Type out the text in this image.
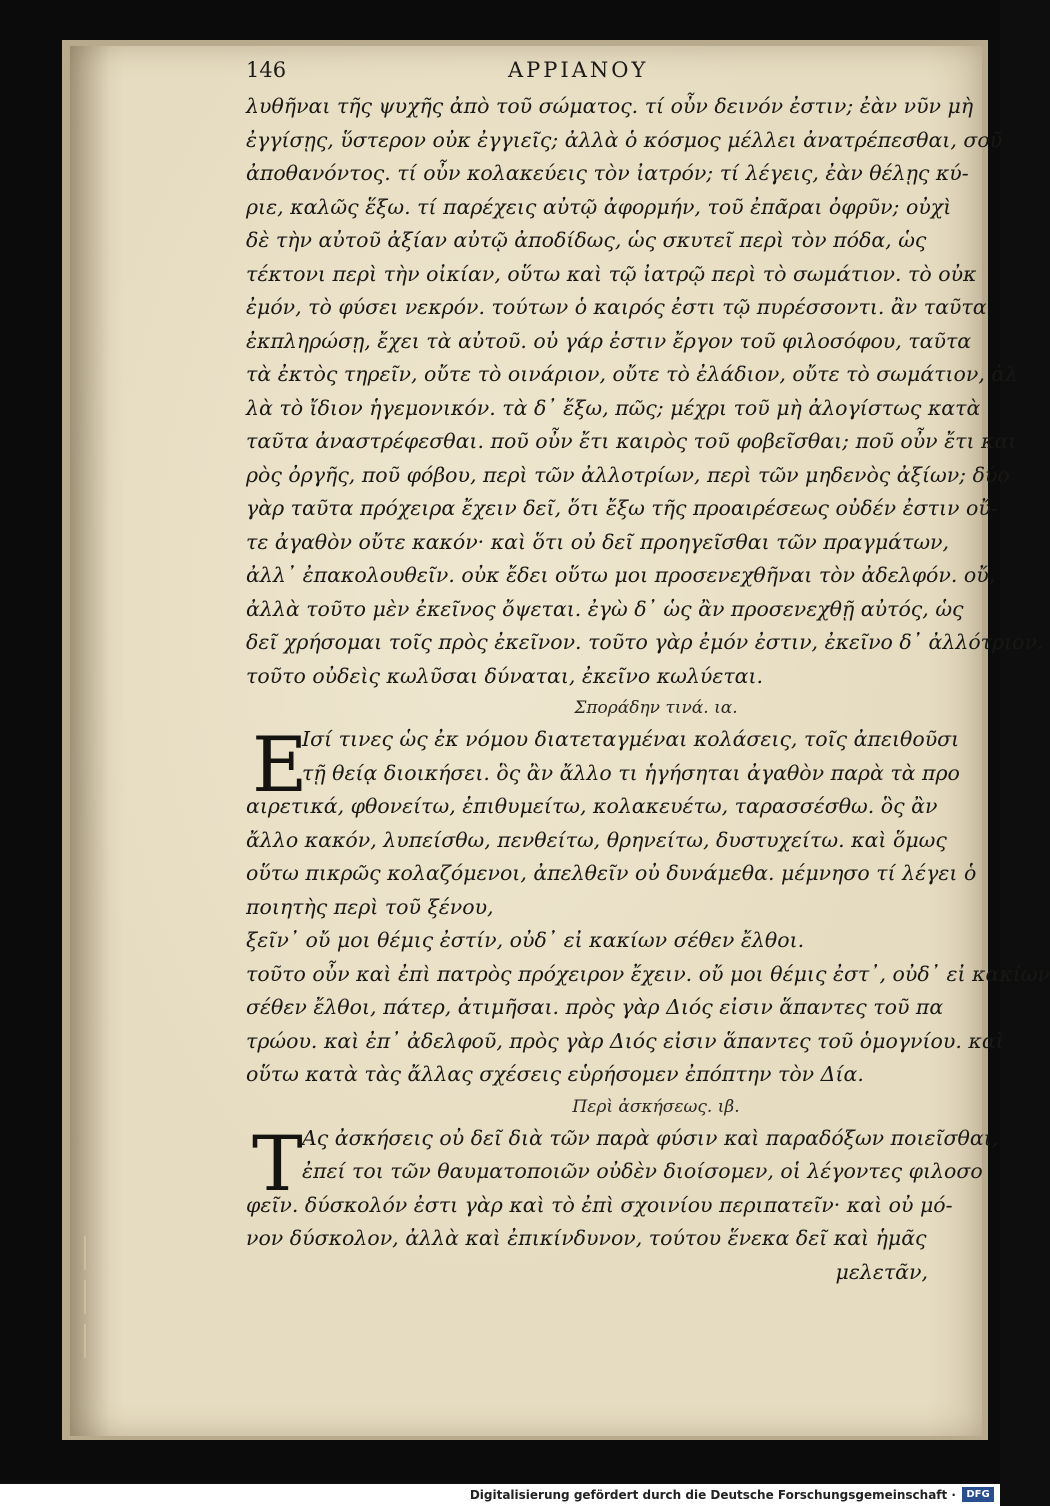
146	ΑΡΡΙΑΝΟΥ
λυθῆναι τῆς ψυχῆς ἀπὸ τοῦ σώματος. τί οὖν δεινόν ἐστιν; ἐὰν νῦν μὴ
ἐγγίσῃς, ὕστερον οὐκ ἐγγιεῖς; ἀλλὰ ὁ κόσμος μέλλει ἀνατρέπεσθαι, σοῦ
ἀποθανόντος. τί οὖν κολακεύεις τὸν ἰατρόν; τί λέγεις, ἐὰν θέλῃς κύ-
ριε, καλῶς ἕξω. τί παρέχεις αὐτῷ ἀφορμήν, τοῦ ἐπᾶραι ὀφρῦν; οὐχὶ
δὲ τὴν αὐτοῦ ἀξίαν αὐτῷ ἀποδίδως, ὡς σκυτεῖ περὶ τὸν πόδα, ὡς
τέκτονι περὶ τὴν οἰκίαν, οὕτω καὶ τῷ ἰατρῷ περὶ τὸ σωμάτιον. τὸ οὐκ
ἐμόν, τὸ φύσει νεκρόν. τούτων ὁ καιρός ἐστι τῷ πυρέσσοντι. ἂν ταῦτα
ἐκπληρώσῃ, ἔχει τὰ αὐτοῦ. οὐ γάρ ἐστιν ἔργον τοῦ φιλοσόφου, ταῦτα
τὰ ἐκτὸς τηρεῖν, οὔτε τὸ οινάριον, οὔτε τὸ ἐλάδιον, οὔτε τὸ σωμάτιον, ἀλ
λὰ τὸ ἴδιον ἡγεμονικόν. τὰ δ᾽ ἔξω, πῶς; μέχρι τοῦ μὴ ἀλογίστως κατὰ
ταῦτα ἀναστρέφεσθαι. ποῦ οὖν ἔτι καιρὸς τοῦ φοβεῖσθαι; ποῦ οὖν ἔτι και
ρὸς ὀργῆς, ποῦ φόβου, περὶ τῶν ἀλλοτρίων, περὶ τῶν μηδενὸς ἀξίων; δύο
γὰρ ταῦτα πρόχειρα ἔχειν δεῖ, ὅτι ἔξω τῆς προαιρέσεως οὐδέν ἐστιν οὔ-
τε ἀγαθὸν οὔτε κακόν· καὶ ὅτι οὐ δεῖ προηγεῖσθαι τῶν πραγμάτων,
ἀλλ᾽ ἐπακολουθεῖν. οὐκ ἔδει οὕτω μοι προσενεχθῆναι τὸν ἀδελφόν. οὔ,
ἀλλὰ τοῦτο μὲν ἐκεῖνος ὄψεται. ἐγὼ δ᾽ ὡς ἂν προσενεχθῇ αὐτός, ὡς
δεῖ χρήσομαι τοῖς πρὸς ἐκεῖνον. τοῦτο γὰρ ἐμόν ἐστιν, ἐκεῖνο δ᾽ ἀλλότριον.
τοῦτο οὐδεὶς κωλῦσαι δύναται, ἐκεῖνο κωλύεται.
Σποράδην τινά. ια.
Ε
Ισί τινες ὡς ἐκ νόμου διατεταγμέναι κολάσεις, τοῖς ἀπειθοῦσι
τῇ θείᾳ διοικήσει. ὃς ἂν ἄλλο τι ἡγήσηται ἀγαθὸν παρὰ τὰ προ
αιρετικά, φθονείτω, ἐπιθυμείτω, κολακευέτω, ταρασσέσθω. ὃς ἂν
ἄλλο κακόν, λυπείσθω, πενθείτω, θρηνείτω, δυστυχείτω. καὶ ὅμως
οὕτω πικρῶς κολαζόμενοι, ἀπελθεῖν οὐ δυνάμεθα. μέμνησο τί λέγει ὁ
ποιητὴς περὶ τοῦ ξένου,
ξεῖν᾽ οὔ μοι θέμις ἐστίν, οὐδ᾽ εἰ κακίων σέθεν ἔλθοι.
τοῦτο οὖν καὶ ἐπὶ πατρὸς πρόχειρον ἔχειν. οὔ μοι θέμις ἐστ᾽, οὐδ᾽ εἰ κακίων
σέθεν ἔλθοι, πάτερ, ἀτιμῆσαι. πρὸς γὰρ Διός εἰσιν ἅπαντες τοῦ πα
τρώου. καὶ ἐπ᾽ ἀδελφοῦ, πρὸς γὰρ Διός εἰσιν ἅπαντες τοῦ ὁμογνίου. καὶ
οὕτω κατὰ τὰς ἄλλας σχέσεις εὑρήσομεν ἐπόπτην τὸν Δία.
Περὶ ἀσκήσεως. ιβ.
Τ Ας ἀσκήσεις οὐ δεῖ διὰ τῶν παρὰ φύσιν καὶ παραδόξων ποιεῖσθαι,
ἐπεί τοι τῶν θαυματοποιῶν οὐδὲν διοίσομεν, οἱ λέγοντες φιλοσο
φεῖν. δύσκολόν ἐστι γὰρ καὶ τὸ ἐπὶ σχοινίου περιπατεῖν· καὶ οὐ μό-
νον δύσκολον, ἀλλὰ καὶ ἐπικίνδυνον, τούτου ἕνεκα δεῖ καὶ ἡμᾶς
μελετᾶν,
Digitalisierung gefördert durch die Deutsche Forschungsgemeinschaft ·	DFG
